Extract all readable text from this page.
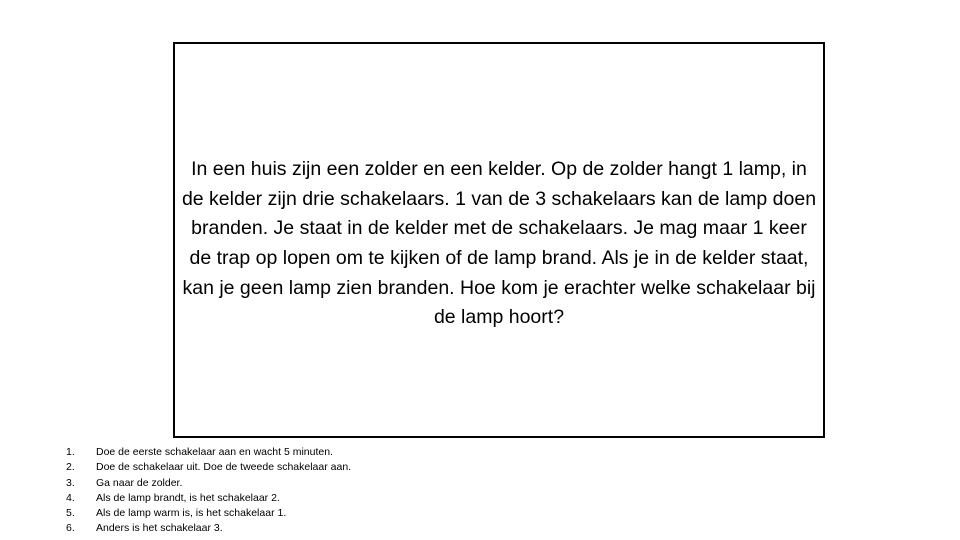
In een huis zijn een zolder en een kelder. Op de zolder hangt 1 lamp, in de kelder zijn drie schakelaars. 1 van de 3 schakelaars kan de lamp doen branden. Je staat in de kelder met de schakelaars. Je mag maar 1 keer de trap op lopen om te kijken of de lamp brand. Als je in de kelder staat, kan je geen lamp zien branden. Hoe kom je erachter welke schakelaar bij de lamp hoort?
1.	Doe de eerste schakelaar aan en wacht 5 minuten.
2.	Doe de schakelaar uit. Doe de tweede schakelaar aan.
3.	Ga naar de zolder.
4.	Als de lamp brandt, is het schakelaar 2.
5.	Als de lamp warm is, is het schakelaar 1.
6.	Anders is het schakelaar 3.
